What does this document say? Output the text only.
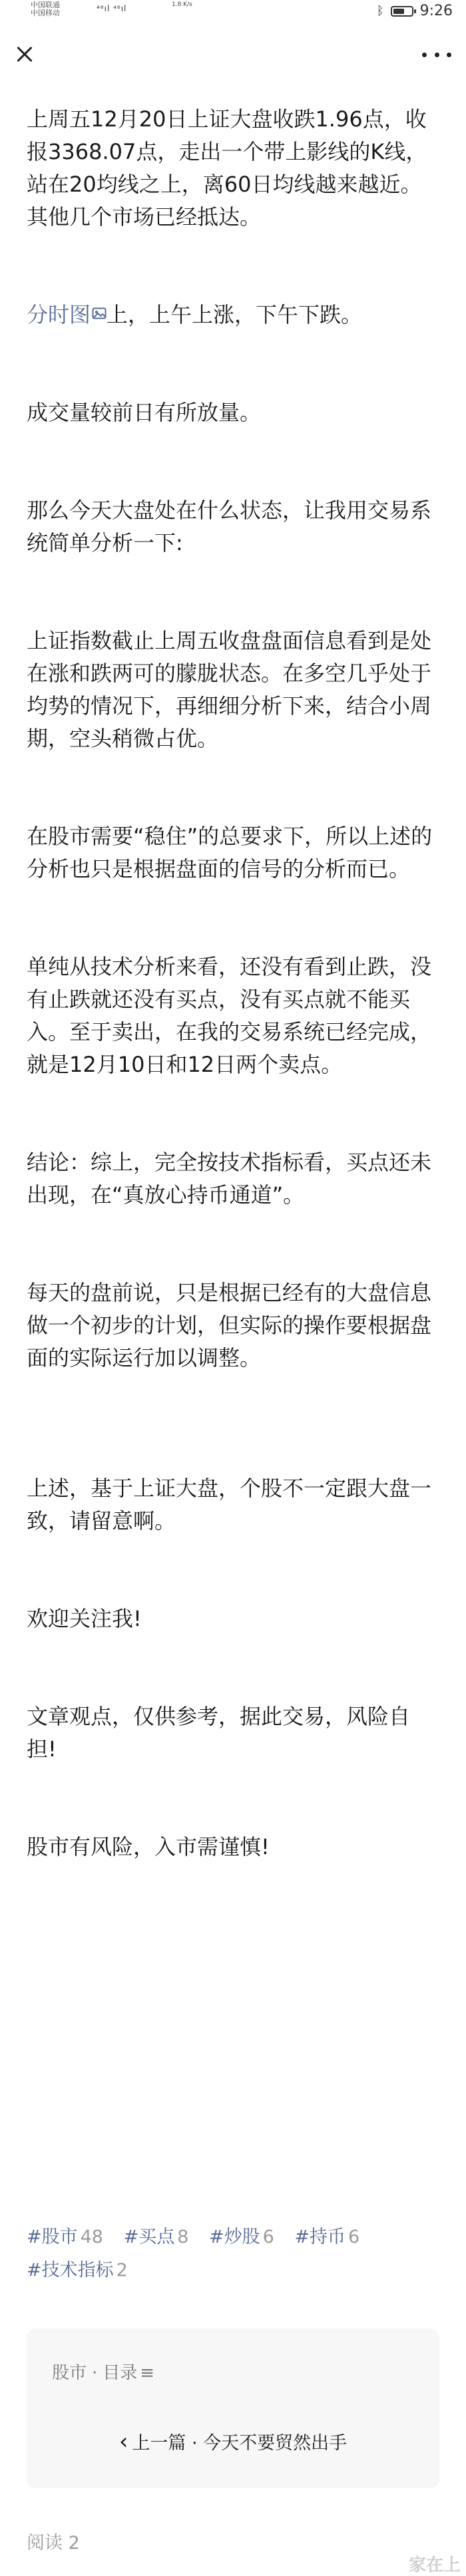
中国联通
中国移动	⁴⁶ıl ⁴⁶ıl	1.8 K/s	ᛒ 9:26

上周五12月20日上证大盘收跌1.96点，收报3368.07点，走出一个带上影线的K线，站在20均线之上，离60日均线越来越近。其他几个市场已经抵达。

分时图 上，上午上涨，下午下跌。

成交量较前日有所放量。

那么今天大盘处在什么状态，让我用交易系统简单分析一下:

上证指数截止上周五收盘盘面信息看到是处在涨和跌两可的朦胧状态。在多空几乎处于均势的情况下，再细细分析下来，结合小周期，空头稍微占优。

在股市需要“稳住”的总要求下，所以上述的分析也只是根据盘面的信号的分析而已。

单纯从技术分析来看，还没有看到止跌，没有止跌就还没有买点，没有买点就不能买入。至于卖出，在我的交易系统已经完成，就是12月10日和12日两个卖点。

结论：综上，完全按技术指标看，买点还未出现，在“真放心持币通道”。

每天的盘前说，只是根据已经有的大盘信息做一个初步的计划，但实际的操作要根据盘面的实际运行加以调整。

上述，基于上证大盘，个股不一定跟大盘一致，请留意啊。

欢迎关注我!

文章观点，仅供参考，据此交易，风险自担!

股市有风险，入市需谨慎!

#股市 48 #买点 8 #炒股 6 #持币 6
#技术指标 2
股市 · 目录 ≡
‹ 上一篇 · 今天不要贸然出手
阅读 2
家在上
